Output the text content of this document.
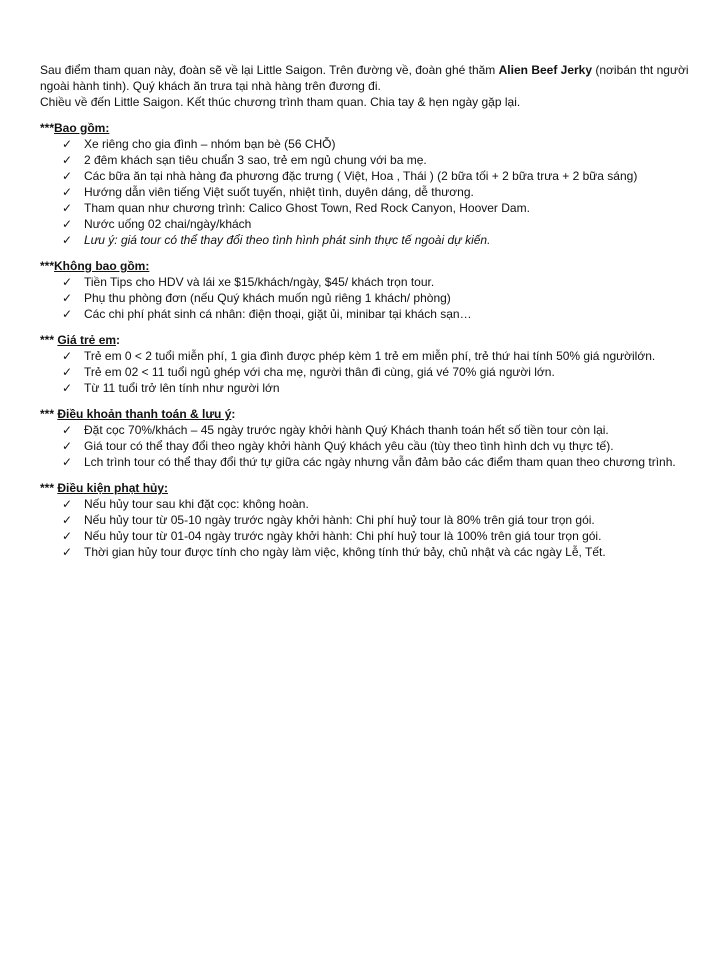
Sau điểm tham quan này, đoàn sẽ về lại Little Saigon. Trên đường về, đoàn ghé thăm Alien Beef Jerky (nơibán tht người

ngoài hành tinh). Quý khách ăn trưa tại nhà hàng trên đương đi.

Chiều về đến Little Saigon. Kết thúc chương trình tham quan. Chia tay & hẹn ngày gặp lại.

***Bao gồm:

✓ Xe riêng cho gia đình – nhóm bạn bè (56 CHỖ)
✓ 2 đêm khách sạn tiêu chuẩn 3 sao, trẻ em ngủ chung với ba mẹ.
✓ Các bữa ăn tại nhà hàng đa phương đặc trưng ( Việt, Hoa , Thái ) (2 bữa tối + 2 bữa trưa + 2 bữa sáng)
✓ Hướng dẫn viên tiếng Việt suốt tuyến, nhiệt tình, duyên dáng, dễ thương.
✓ Tham quan như chương trình: Calico Ghost Town, Red Rock Canyon, Hoover Dam.
✓ Nước uống 02 chai/ngày/khách
✓ Lưu ý: giá tour có thể thay đổi theo tình hình phát sinh thực tế ngoài dự kiến.

***Không bao gồm:

✓ Tiền Tips cho HDV và lái xe $15/khách/ngày, $45/ khách trọn tour.
✓ Phụ thu phòng đơn (nếu Quý khách muốn ngủ riêng 1 khách/ phòng)
✓ Các chi phí phát sinh cá nhân: điện thoại, giặt ủi, minibar tại khách sạn…

*** Giá trẻ em:

✓ Trẻ em 0 < 2 tuổi miễn phí, 1 gia đình được phép kèm 1 trẻ em miễn phí, trẻ thứ hai tính 50% giá ngườilớn.
✓ Trẻ em 02 < 11 tuổi ngủ ghép với cha mẹ, người thân đi cùng, giá vé 70% giá người lớn.
✓ Từ 11 tuổi trở lên tính như người lớn

*** Điều khoản thanh toán & lưu ý:

✓ Đặt cọc 70%/khách – 45 ngày trước ngày khởi hành Quý Khách thanh toán hết số tiền tour còn lại.
✓ Giá tour có thể thay đổi theo ngày khởi hành Quý khách yêu cầu (tùy theo tình hình dch vụ thực tế).
✓ Lch trình tour có thể thay đổi thứ tự giữa các ngày nhưng vẫn đảm bảo các điểm tham quan theo chương trình.

*** Điều kiện phạt hủy:

✓ Nếu hủy tour sau khi đặt cọc: không hoàn.
✓ Nếu hủy tour từ 05-10 ngày trước ngày khởi hành: Chi phí huỷ tour là 80% trên giá tour trọn gói.
✓ Nếu hủy tour từ 01-04 ngày trước ngày khởi hành: Chi phí huỷ tour là 100% trên giá tour trọn gói.
✓ Thời gian hủy tour được tính cho ngày làm việc, không tính thứ bảy, chủ nhật và các ngày Lễ, Tết.
